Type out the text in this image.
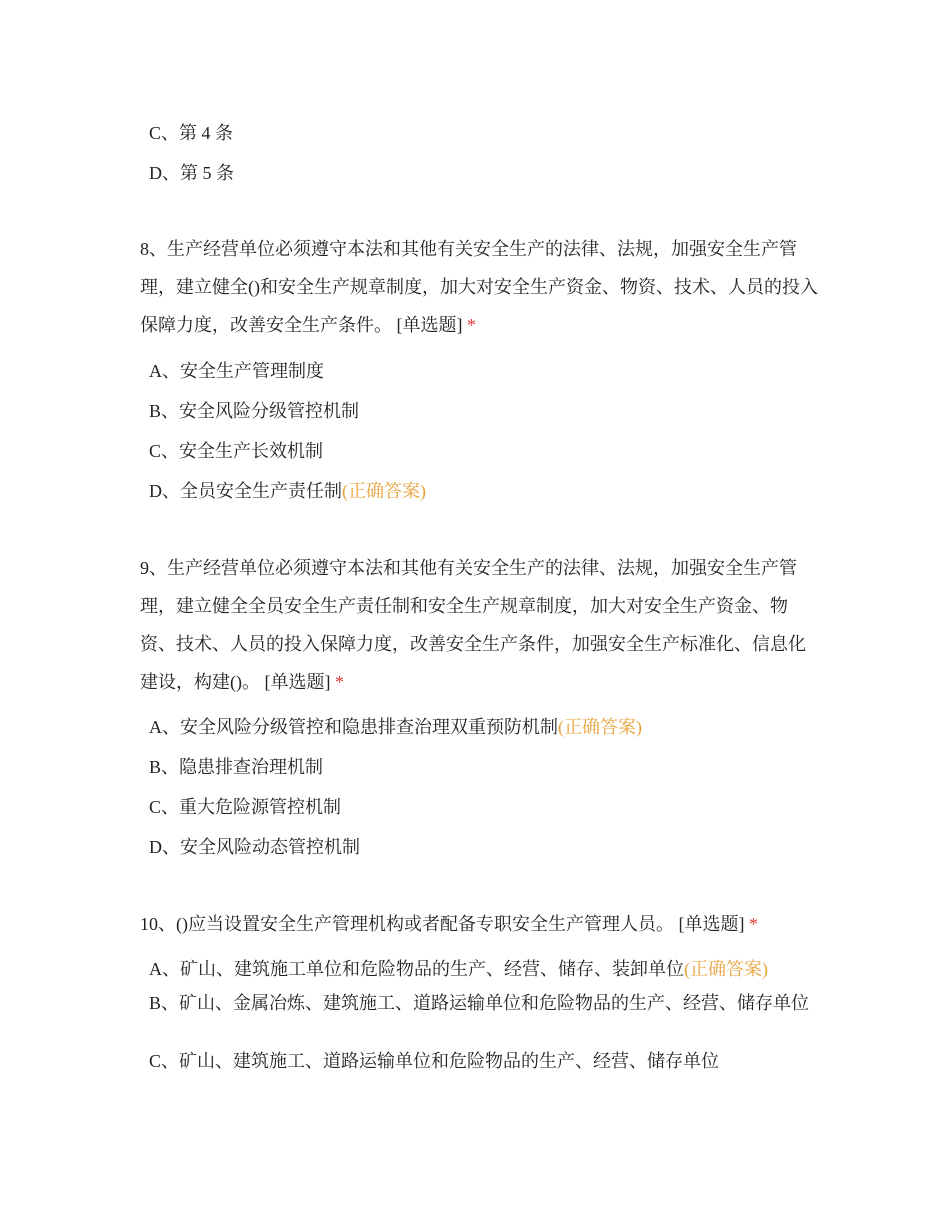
C、第 4 条
D、第 5 条
8、生产经营单位必须遵守本法和其他有关安全生产的法律、法规，加强安全生产管理，建立健全()和安全生产规章制度，加大对安全生产资金、物资、技术、人员的投入保障力度，改善安全生产条件。 [单选题] *
A、安全生产管理制度
B、安全风险分级管控机制
C、安全生产长效机制
D、全员安全生产责任制(正确答案)
9、生产经营单位必须遵守本法和其他有关安全生产的法律、法规，加强安全生产管理，建立健全全员安全生产责任制和安全生产规章制度，加大对安全生产资金、物资、技术、人员的投入保障力度，改善安全生产条件，加强安全生产标准化、信息化建设，构建()。 [单选题] *
A、安全风险分级管控和隐患排查治理双重预防机制(正确答案)
B、隐患排查治理机制
C、重大危险源管控机制
D、安全风险动态管控机制
10、()应当设置安全生产管理机构或者配备专职安全生产管理人员。 [单选题] *
A、矿山、建筑施工单位和危险物品的生产、经营、储存、装卸单位(正确答案)
B、矿山、金属冶炼、建筑施工、道路运输单位和危险物品的生产、经营、储存单位
C、矿山、建筑施工、道路运输单位和危险物品的生产、经营、储存单位
